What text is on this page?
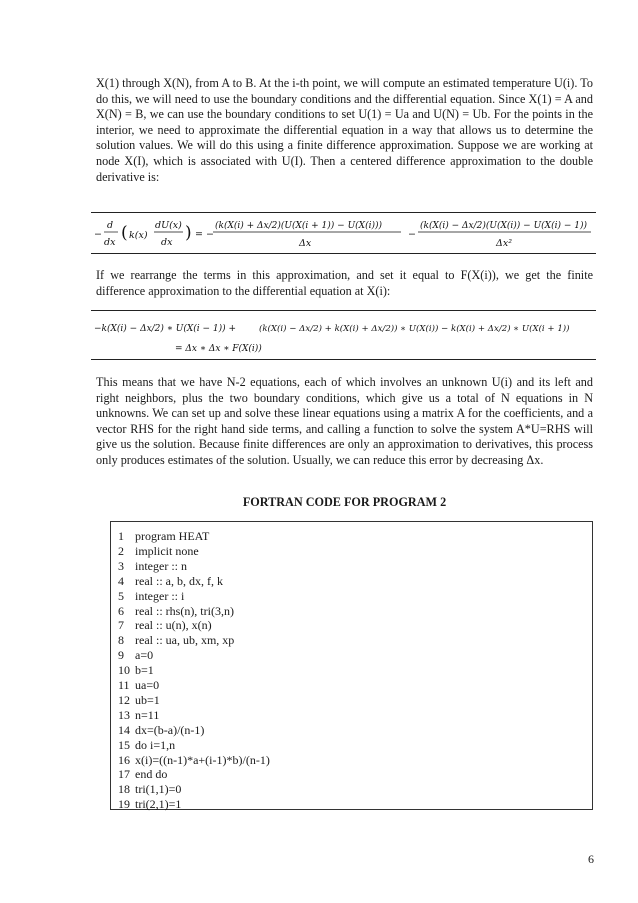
X(1) through X(N), from A to B. At the i-th point, we will compute an estimated temperature U(i). To do this, we will need to use the boundary conditions and the differential equation. Since X(1) = A and X(N) = B, we can use the boundary conditions to set U(1) = Ua and U(N) = Ub. For the points in the interior, we need to approximate the differential equation in a way that allows us to determine the solution values. We will do this using a finite difference approximation. Suppose we are working at node X(I), which is associated with U(I). Then a centered difference approximation to the double derivative is:

−
d
dx ( k(x)
dU(x)
dx ) = −
(k(X(i) + Δx/2)(U(X(i + 1)) − U(X(i)))
Δx
−
(k(X(i) − Δx/2)(U(X(i)) − U(X(i) − 1))
Δx²

If we rearrange the terms in this approximation, and set it equal to F(X(i)), we get the finite difference approximation to the differential equation at X(i):

−k(X(i) − Δx/2) ∗ U(X(i − 1)) +	(k(X(i) − Δx/2) + k(X(i) + Δx/2)) ∗ U(X(i)) − k(X(i) + Δx/2) ∗ U(X(i + 1))
= Δx ∗ Δx ∗ F(X(i))

This means that we have N-2 equations, each of which involves an unknown U(i) and its left and right neighbors, plus the two boundary conditions, which give us a total of N equations in N unknowns. We can set up and solve these linear equations using a matrix A for the coefficients, and a vector RHS for the right hand side terms, and calling a function to solve the system A*U=RHS will give us the solution. Because finite differences are only an approximation to derivatives, this process only produces estimates of the solution. Usually, we can reduce this error by decreasing Δx.

FORTRAN CODE FOR PROGRAM 2
1 program HEAT
2 implicit none
3 integer :: n
4 real :: a, b, dx, f, k
5 integer :: i
6 real :: rhs(n), tri(3,n)
7 real :: u(n), x(n)
8 real :: ua, ub, xm, xp
9 a=0
10 b=1
11 ua=0
12 ub=1
13 n=11
14 dx=(b-a)/(n-1)
15 do i=1,n
16 x(i)=((n-1)*a+(i-1)*b)/(n-1)
17 end do
18 tri(1,1)=0
19 tri(2,1)=1
6
